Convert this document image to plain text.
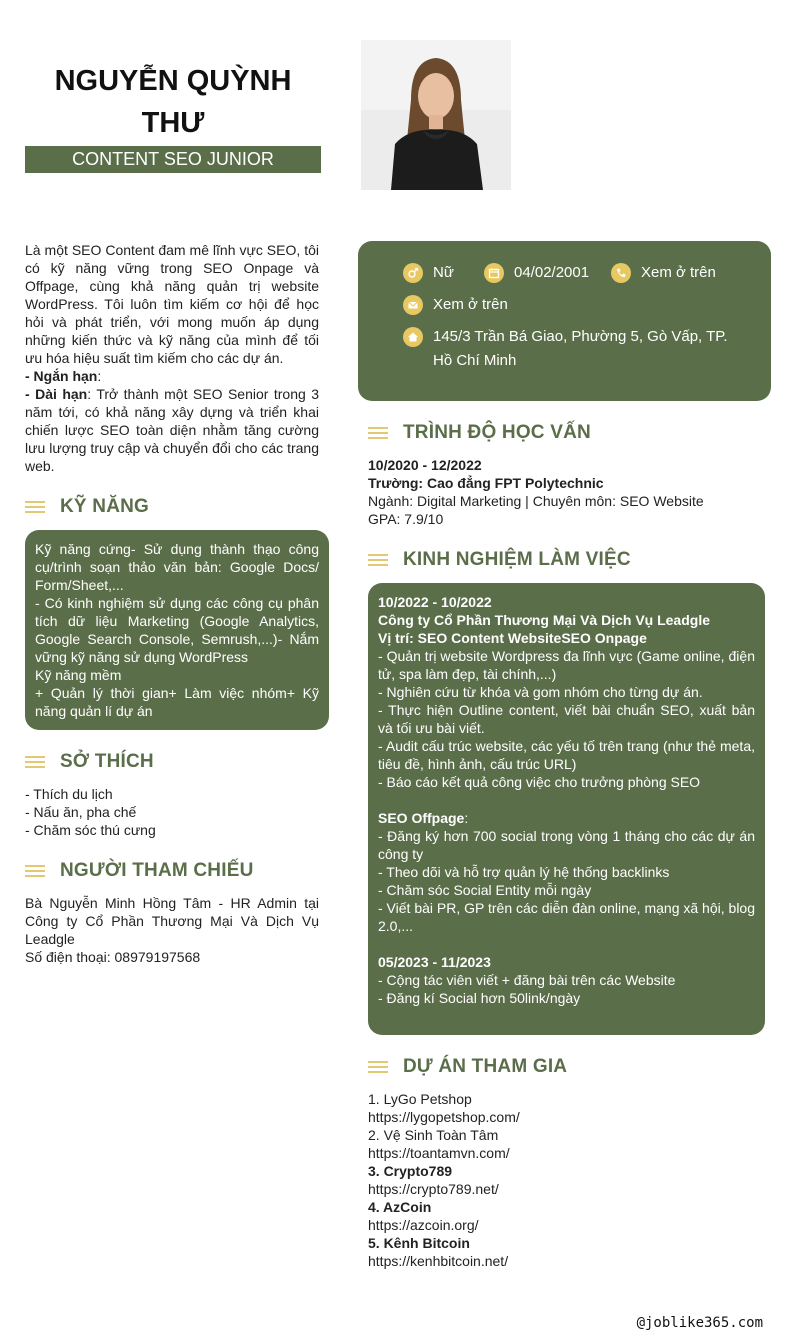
NGUYỄN QUỲNH THƯ
CONTENT SEO JUNIOR
Là một SEO Content đam mê lĩnh vực SEO, tôi có kỹ năng vững trong SEO Onpage và Offpage, cùng khả năng quản trị website WordPress. Tôi luôn tìm kiếm cơ hội để học hỏi và phát triển, với mong muốn áp dụng những kiến thức và kỹ năng của mình để tối ưu hóa hiệu suất tìm kiếm cho các dự án.
- Ngắn hạn:
- Dài hạn: Trở thành một SEO Senior trong 3 năm tới, có khả năng xây dựng và triển khai chiến lược SEO toàn diện nhằm tăng cường lưu lượng truy cập và chuyển đổi cho các trang web.
KỸ NĂNG
Kỹ năng cứng- Sử dụng thành thạo công cụ/trình soạn thảo văn bản: Google Docs/ Form/Sheet,...
- Có kinh nghiệm sử dụng các công cụ phân tích dữ liệu Marketing (Google Analytics, Google Search Console, Semrush,...)- Nắm vững kỹ năng sử dụng WordPress
Kỹ năng mềm
+ Quản lý thời gian+ Làm việc nhóm+ Kỹ năng quản lí dự án
SỞ THÍCH
- Thích du lịch
- Nấu ăn, pha chế
- Chăm sóc thú cưng
NGƯỜI THAM CHIẾU
Bà Nguyễn Minh Hồng Tâm - HR Admin tại Công ty Cổ Phần Thương Mại Và Dịch Vụ Leadgle
Số điện thoại: 08979197568
Nữ	04/02/2001	Xem ở trên
Xem ở trên
145/3 Trần Bá Giao, Phường 5, Gò Vấp, TP. Hồ Chí Minh
TRÌNH ĐỘ HỌC VẤN
10/2020 - 12/2022
Trường: Cao đẳng FPT Polytechnic
Ngành: Digital Marketing | Chuyên môn: SEO Website
GPA: 7.9/10
KINH NGHIỆM LÀM VIỆC
10/2022 - 10/2022
Công ty Cổ Phần Thương Mại Và Dịch Vụ Leadgle
Vị trí: SEO Content WebsiteSEO Onpage
- Quản trị website Wordpress đa lĩnh vực (Game online, điện tử, spa làm đẹp, tài chính,...)
- Nghiên cứu từ khóa và gom nhóm cho từng dự án.
- Thực hiện Outline content, viết bài chuẩn SEO, xuất bản và tối ưu bài viết.
- Audit cấu trúc website, các yếu tố trên trang (như thẻ meta, tiêu đề, hình ảnh, cấu trúc URL)
- Báo cáo kết quả công việc cho trưởng phòng SEO
SEO Offpage:
- Đăng ký hơn 700 social trong vòng 1 tháng cho các dự án công ty
- Theo dõi và hỗ trợ quản lý hệ thống backlinks
- Chăm sóc Social Entity mỗi ngày
- Viết bài PR, GP trên các diễn đàn online, mạng xã hội, blog 2.0,...
05/2023 - 11/2023
- Cộng tác viên viết + đăng bài trên các Website
- Đăng kí Social hơn 50link/ngày
DỰ ÁN THAM GIA
1. LyGo Petshop
https://lygopetshop.com/
2. Vệ Sinh Toàn Tâm
https://toantamvn.com/
3. Crypto789
https://crypto789.net/
4. AzCoin
https://azcoin.org/
5. Kênh Bitcoin
https://kenhbitcoin.net/
@joblike365.com
